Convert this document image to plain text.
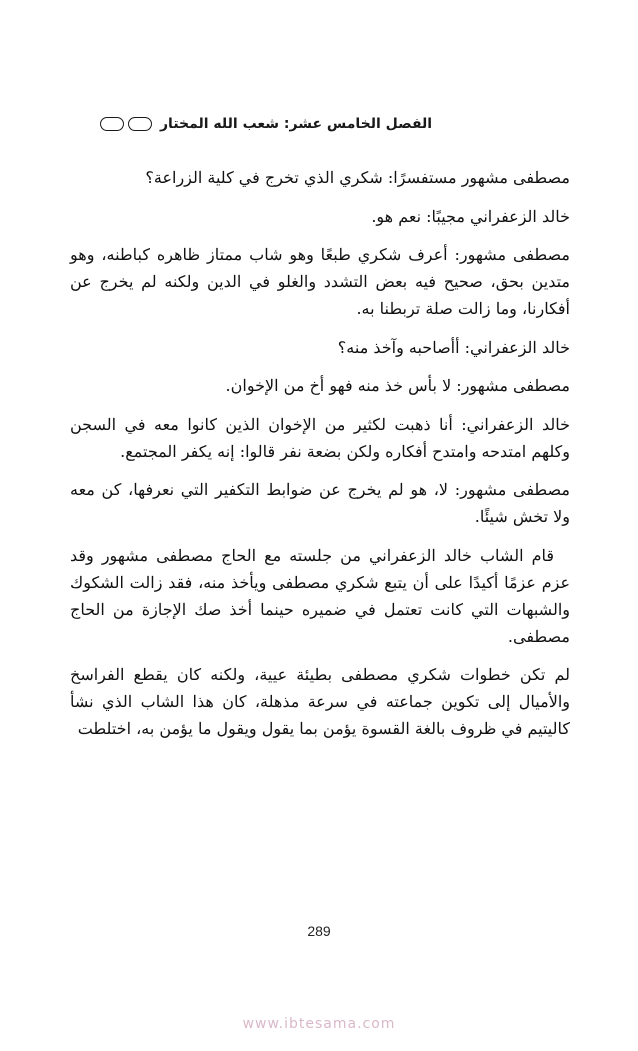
الفصل الخامس عشر: شعب الله المختار

مصطفى مشهور مستفسرًا: شكري الذي تخرج في كلية الزراعة؟

خالد الزعفراني مجيبًا: نعم هو.

مصطفى مشهور: أعرف شكري طبعًا وهو شاب ممتاز ظاهره كباطنه، وهو متدين بحق، صحيح فيه بعض التشدد والغلو في الدين ولكنه لم يخرج عن أفكارنا، وما زالت صلة تربطنا به.

خالد الزعفراني: أأصاحبه وآخذ منه؟

مصطفى مشهور: لا بأس خذ منه فهو أخ من الإخوان.

خالد الزعفراني: أنا ذهبت لكثير من الإخوان الذين كانوا معه في السجن وكلهم امتدحه وامتدح أفكاره ولكن بضعة نفر قالوا: إنه يكفر المجتمع.

مصطفى مشهور: لا، هو لم يخرج عن ضوابط التكفير التي نعرفها، كن معه ولا تخش شيئًا.

قام الشاب خالد الزعفراني من جلسته مع الحاج مصطفى مشهور وقد عزم عزمًا أكيدًا على أن يتبع شكري مصطفى ويأخذ منه، فقد زالت الشكوك والشبهات التي كانت تعتمل في ضميره حينما أخذ صك الإجازة من الحاج مصطفى.

لم تكن خطوات شكري مصطفى بطيئة عيية، ولكنه كان يقطع الفراسخ والأميال إلى تكوين جماعته في سرعة مذهلة، كان هذا الشاب الذي نشأ كاليتيم في ظروف بالغة القسوة يؤمن بما يقول ويقول ما يؤمن به، اختلطت

289
www.ibtesama.com
